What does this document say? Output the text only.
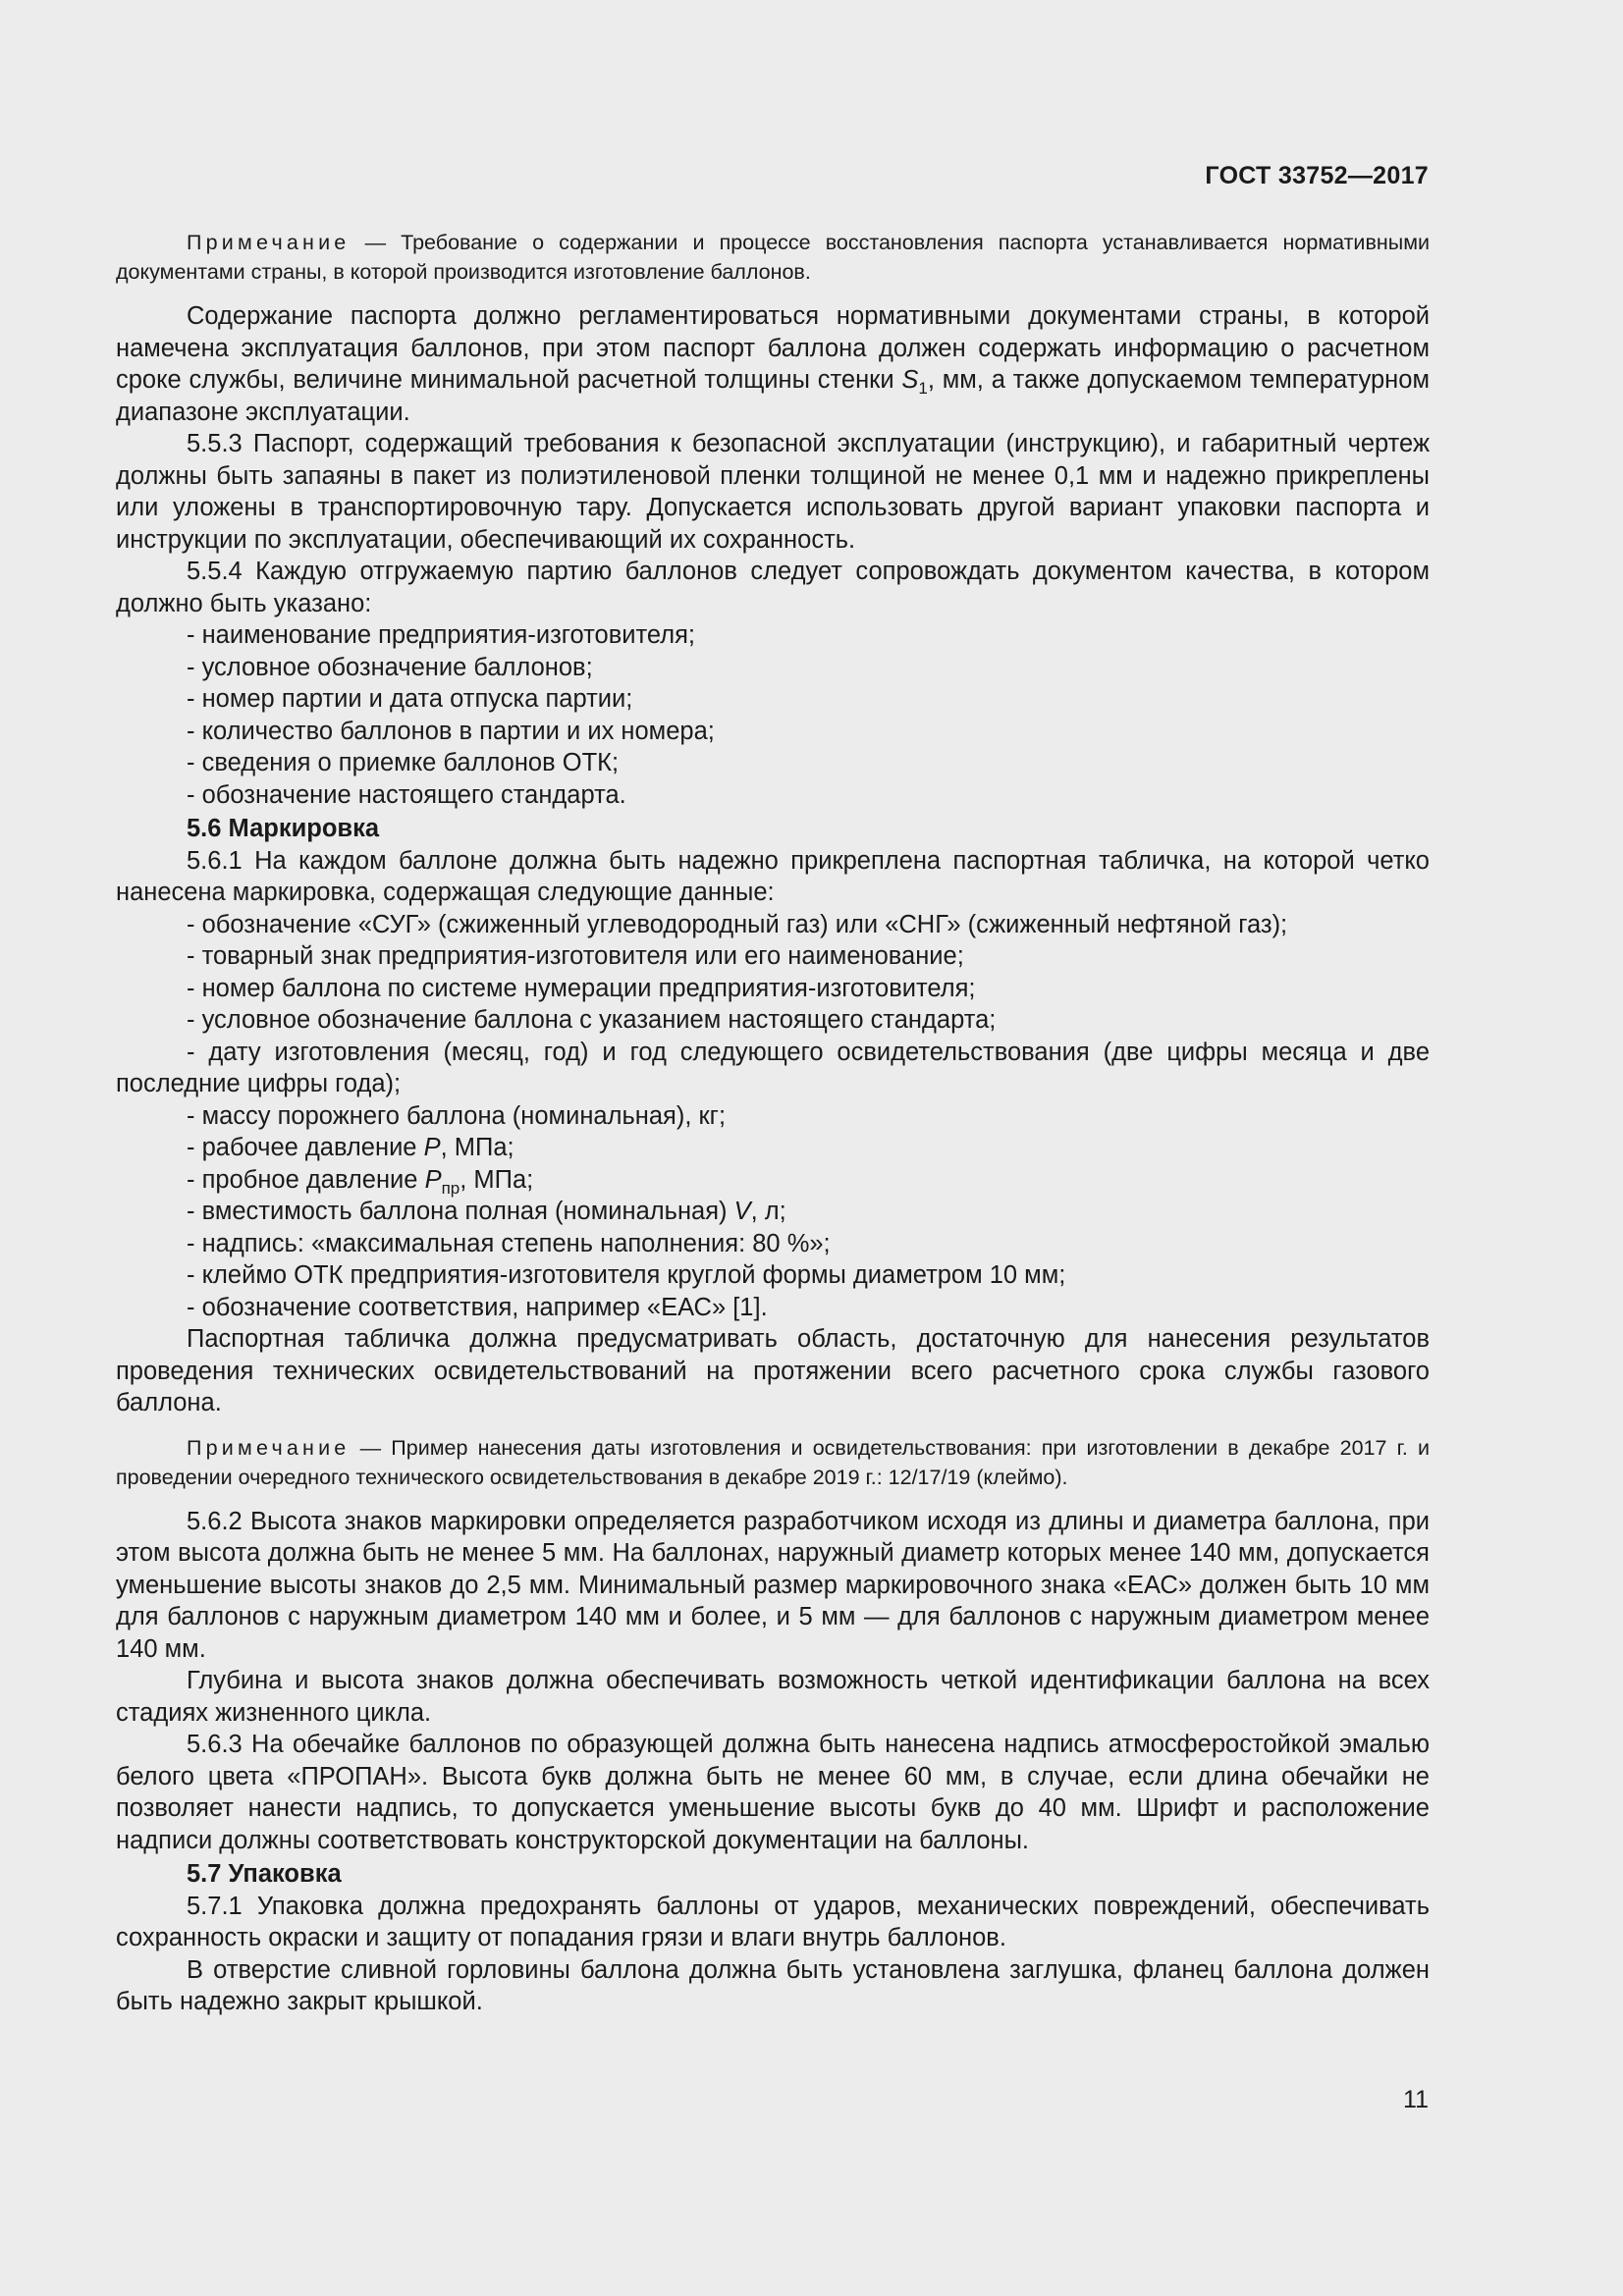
ГОСТ 33752—2017

Примечание — Требование о содержании и процессе восстановления паспорта устанавливается нормативными документами страны, в которой производится изготовление баллонов.

Содержание паспорта должно регламентироваться нормативными документами страны, в которой намечена эксплуатация баллонов, при этом паспорт баллона должен содержать информацию о расчетном сроке службы, величине минимальной расчетной толщины стенки $S_1$, мм, а также допускаемом температурном диапазоне эксплуатации.

5.5.3 Паспорт, содержащий требования к безопасной эксплуатации (инструкцию), и габаритный чертеж должны быть запаяны в пакет из полиэтиленовой пленки толщиной не менее 0,1 мм и надежно прикреплены или уложены в транспортировочную тару. Допускается использовать другой вариант упаковки паспорта и инструкции по эксплуатации, обеспечивающий их сохранность.

5.5.4 Каждую отгружаемую партию баллонов следует сопровождать документом качества, в котором должно быть указано:

- наименование предприятия-изготовителя;

- условное обозначение баллонов;

- номер партии и дата отпуска партии;

- количество баллонов в партии и их номера;

- сведения о приемке баллонов ОТК;

- обозначение настоящего стандарта.

5.6 Маркировка

5.6.1 На каждом баллоне должна быть надежно прикреплена паспортная табличка, на которой четко нанесена маркировка, содержащая следующие данные:

- обозначение «СУГ» (сжиженный углеводородный газ) или «СНГ» (сжиженный нефтяной газ);

- товарный знак предприятия-изготовителя или его наименование;

- номер баллона по системе нумерации предприятия-изготовителя;

- условное обозначение баллона с указанием настоящего стандарта;

- дату изготовления (месяц, год) и год следующего освидетельствования (две цифры месяца и две последние цифры года);

- массу порожнего баллона (номинальная), кг;

- рабочее давление P, МПа;

- пробное давление $P_{пр}$, МПа;

- вместимость баллона полная (номинальная) V, л;

- надпись: «максимальная степень наполнения: 80 %»;

- клеймо ОТК предприятия-изготовителя круглой формы диаметром 10 мм;

- обозначение соответствия, например «ЕАС» [1].

Паспортная табличка должна предусматривать область, достаточную для нанесения результатов проведения технических освидетельствований на протяжении всего расчетного срока службы газового баллона.

Примечание — Пример нанесения даты изготовления и освидетельствования: при изготовлении в декабре 2017 г. и проведении очередного технического освидетельствования в декабре 2019 г.: 12/17/19 (клеймо).

5.6.2 Высота знаков маркировки определяется разработчиком исходя из длины и диаметра баллона, при этом высота должна быть не менее 5 мм. На баллонах, наружный диаметр которых менее 140 мм, допускается уменьшение высоты знаков до 2,5 мм. Минимальный размер маркировочного знака «ЕАС» должен быть 10 мм для баллонов с наружным диаметром 140 мм и более, и 5 мм — для баллонов с наружным диаметром менее 140 мм.

Глубина и высота знаков должна обеспечивать возможность четкой идентификации баллона на всех стадиях жизненного цикла.

5.6.3 На обечайке баллонов по образующей должна быть нанесена надпись атмосферостойкой эмалью белого цвета «ПРОПАН». Высота букв должна быть не менее 60 мм, в случае, если длина обечайки не позволяет нанести надпись, то допускается уменьшение высоты букв до 40 мм. Шрифт и расположение надписи должны соответствовать конструкторской документации на баллоны.

5.7 Упаковка

5.7.1 Упаковка должна предохранять баллоны от ударов, механических повреждений, обеспечивать сохранность окраски и защиту от попадания грязи и влаги внутрь баллонов.

В отверстие сливной горловины баллона должна быть установлена заглушка, фланец баллона должен быть надежно закрыт крышкой.

11
